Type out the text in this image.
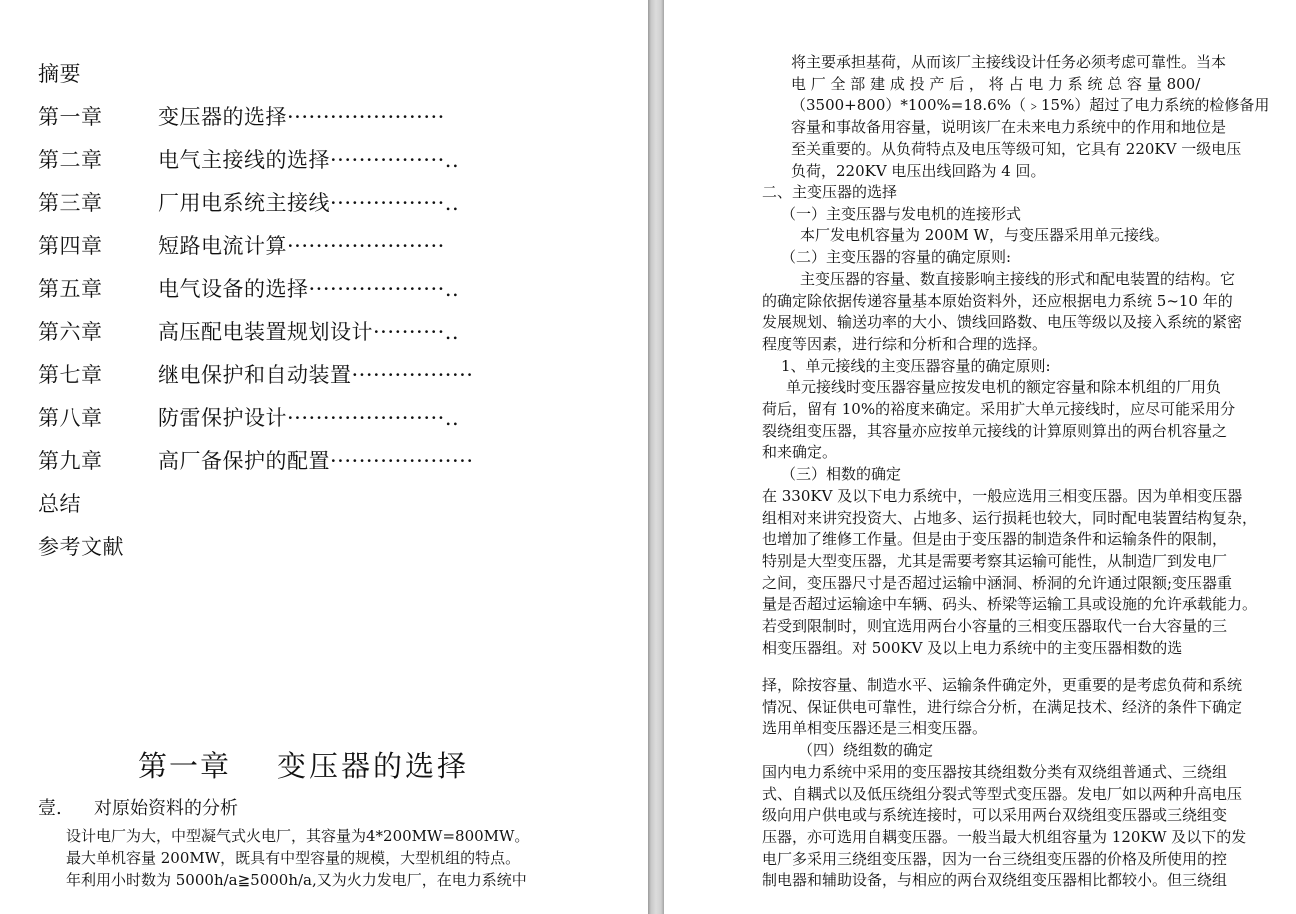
摘要
第一章	变压器的选择······················
第二章	电气主接线的选择················..
第三章	厂用电系统主接线················..
第四章	短路电流计算······················
第五章	电气设备的选择···················..
第六章	高压配电装置规划设计··········..
第七章	继电保护和自动装置·················
第八章	防雷保护设计······················..
第九章	高厂备保护的配置····················
总结
参考文献
第一章 变压器的选择
壹. 对原始资料的分析
设计电厂为大，中型凝气式火电厂，其容量为4*200MW=800MW。
最大单机容量 200MW，既具有中型容量的规模，大型机组的特点。
年利用小时数为 5000h/a≧5000h/a,又为火力发电厂，在电力系统中
将主要承担基荷，从而该厂主接线设计任务必须考虑可靠性。当本
电 厂 全 部 建 成 投 产 后 ， 将 占 电 力 系 统 总 容 量 800/
（3500+800）*100%=18.6%（﹥15%）超过了电力系统的检修备用
容量和事故备用容量，说明该厂在未来电力系统中的作用和地位是
至关重要的。从负荷特点及电压等级可知，它具有 220KV 一级电压
负荷，220KV 电压出线回路为 4 回。
二、主变压器的选择
（一）主变压器与发电机的连接形式
本厂发电机容量为 200M W，与变压器采用单元接线。
（二）主变压器的容量的确定原则:
主变压器的容量、数直接影响主接线的形式和配电装置的结构。它
的确定除依据传递容量基本原始资料外，还应根据电力系统 5~10 年的
发展规划、输送功率的大小、馈线回路数、电压等级以及接入系统的紧密
程度等因素，进行综和分析和合理的选择。
1、单元接线的主变压器容量的确定原则:
单元接线时变压器容量应按发电机的额定容量和除本机组的厂用负
荷后，留有 10%的裕度来确定。采用扩大单元接线时，应尽可能采用分
裂绕组变压器，其容量亦应按单元接线的计算原则算出的两台机容量之
和来确定。
（三）相数的确定
在 330KV 及以下电力系统中，一般应选用三相变压器。因为单相变压器
组相对来讲究投资大、占地多、运行损耗也较大，同时配电装置结构复杂，
也增加了维修工作量。但是由于变压器的制造条件和运输条件的限制，
特别是大型变压器，尤其是需要考察其运输可能性，从制造厂到发电厂
之间，变压器尺寸是否超过运输中涵洞、桥洞的允许通过限额;变压器重
量是否超过运输途中车辆、码头、桥梁等运输工具或设施的允许承载能力。
若受到限制时，则宜选用两台小容量的三相变压器取代一台大容量的三
相变压器组。对 500KV 及以上电力系统中的主变压器相数的选
择，除按容量、制造水平、运输条件确定外，更重要的是考虑负荷和系统
情况、保证供电可靠性，进行综合分析，在满足技术、经济的条件下确定
选用单相变压器还是三相变压器。
（四）绕组数的确定
国内电力系统中采用的变压器按其绕组数分类有双绕组普通式、三绕组
式、自耦式以及低压绕组分裂式等型式变压器。发电厂如以两种升高电压
级向用户供电或与系统连接时，可以采用两台双绕组变压器或三绕组变
压器，亦可选用自耦变压器。一般当最大机组容量为 120KW 及以下的发
电厂多采用三绕组变压器，因为一台三绕组变压器的价格及所使用的控
制电器和辅助设备，与相应的两台双绕组变压器相比都较小。但三绕组
